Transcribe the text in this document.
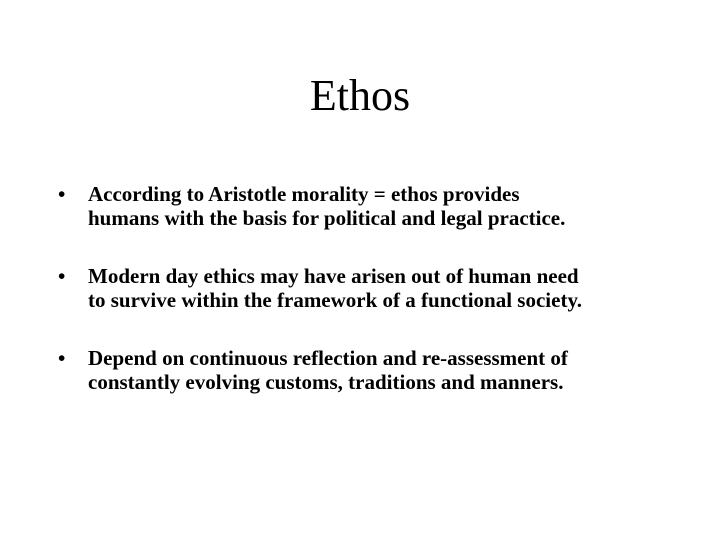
Ethos
• According to Aristotle morality = ethos provides
humans with the basis for political and legal practice.
• Modern day ethics may have arisen out of human need
to survive within the framework of a functional society.
• Depend on continuous reflection and re-assessment of
constantly evolving customs, traditions and manners.
